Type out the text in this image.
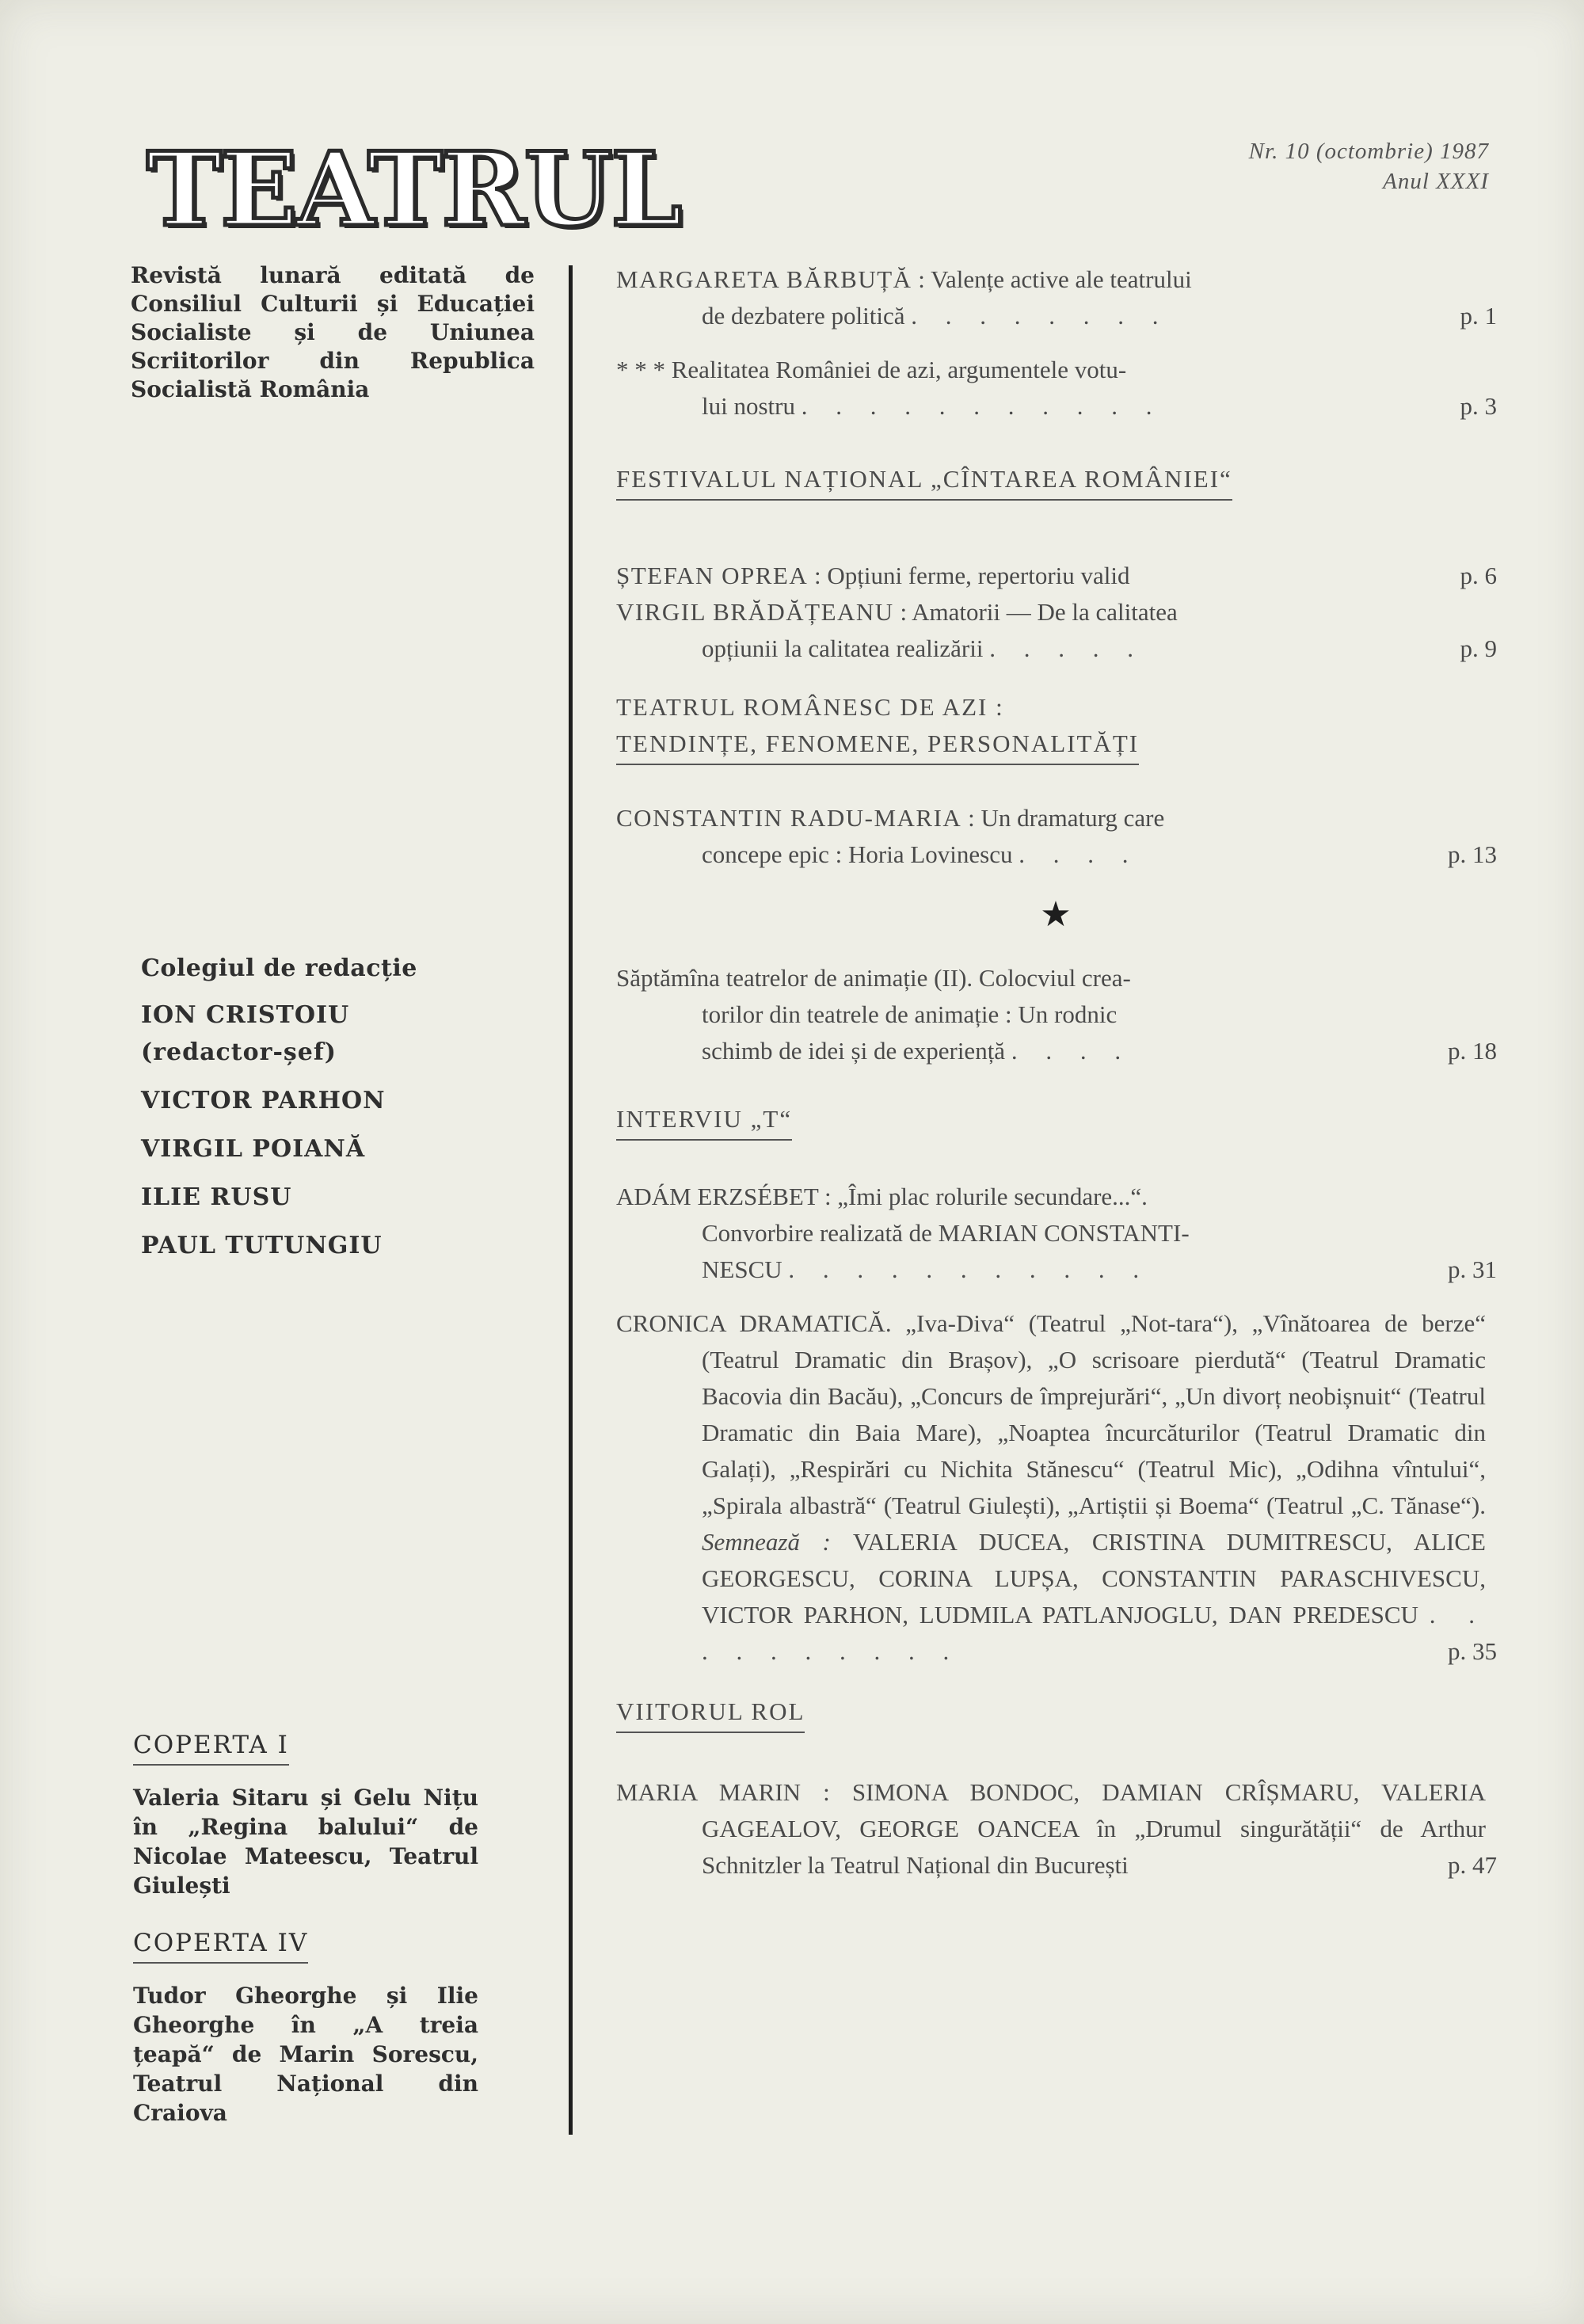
TEATRUL	Nr. 10 (octombrie) 1987
Anul XXXI
Revistă lunară editată de Consiliul Culturii și Educației Socialiste și de Uniunea Scriitorilor din Republica Socialistă România
Colegiul de redacție
ION CRISTOIU
(redactor-șef)
VICTOR PARHON
VIRGIL POIANĂ
ILIE RUSU
PAUL TUTUNGIU
COPERTA I
Valeria Sitaru și Gelu Nițu în „Regina balului“ de Nicolae Mateescu, Teatrul Giulești
COPERTA IV
Tudor Gheorghe și Ilie Gheorghe în „A treia țeapă“ de Marin Sorescu, Teatrul Național din Craiova
MARGARETA BĂRBUȚĂ : Valențe active ale teatrului
de dezbatere politică . . . . . . . .	p. 1
* * * Realitatea României de azi, argumentele votu-
lui nostru . . . . . . . . . . .	p. 3
FESTIVALUL NAȚIONAL „CÎNTAREA ROMÂNIEI“
ȘTEFAN OPREA : Opțiuni ferme, repertoriu valid	p. 6
VIRGIL BRĂDĂȚEANU : Amatorii — De la calitatea
opțiunii la calitatea realizării . . . . .	p. 9
TEATRUL ROMÂNESC DE AZI :
TENDINȚE, FENOMENE, PERSONALITĂȚI
CONSTANTIN RADU-MARIA : Un dramaturg care
concepe epic : Horia Lovinescu . . . .	p. 13
★
Săptămîna teatrelor de animație (II). Colocviul crea-
torilor din teatrele de animație : Un rodnic
schimb de idei și de experiență . . . .	p. 18
INTERVIU „T“
ADÁM ERZSÉBET : „Îmi plac rolurile secundare...“.
Convorbire realizată de MARIAN CONSTANTI-
NESCU . . . . . . . . . . .	p. 31
CRONICA DRAMATICĂ. „Iva-Diva“ (Teatrul „Not-tara“), „Vînătoarea de berze“ (Teatrul Dramatic din Brașov), „O scrisoare pierdută“ (Teatrul Dramatic Bacovia din Bacău), „Concurs de împrejurări“, „Un divorț neobișnuit“ (Teatrul Dramatic din Baia Mare), „Noaptea încurcăturilor (Teatrul Dramatic din Galați), „Respirări cu Nichita Stănescu“ (Teatrul Mic), „Odihna vîntului“, „Spirala albastră“ (Teatrul Giulești), „Artiștii și Boema“ (Teatrul „C. Tănase“). Semnează : VALERIA DUCEA, CRISTINA DUMITRESCU, ALICE GEORGESCU, CORINA LUPȘA, CONSTANTIN PARASCHIVESCU, VICTOR PARHON, LUDMILA PATLANJOGLU, DAN PREDESCU . . . . . . . . . .	p. 35
VIITORUL ROL
MARIA MARIN : SIMONA BONDOC, DAMIAN CRÎȘMARU, VALERIA GAGEALOV, GEORGE OANCEA în „Drumul singurătății“ de Arthur Schnitzler la Teatrul Național din București	p. 47
